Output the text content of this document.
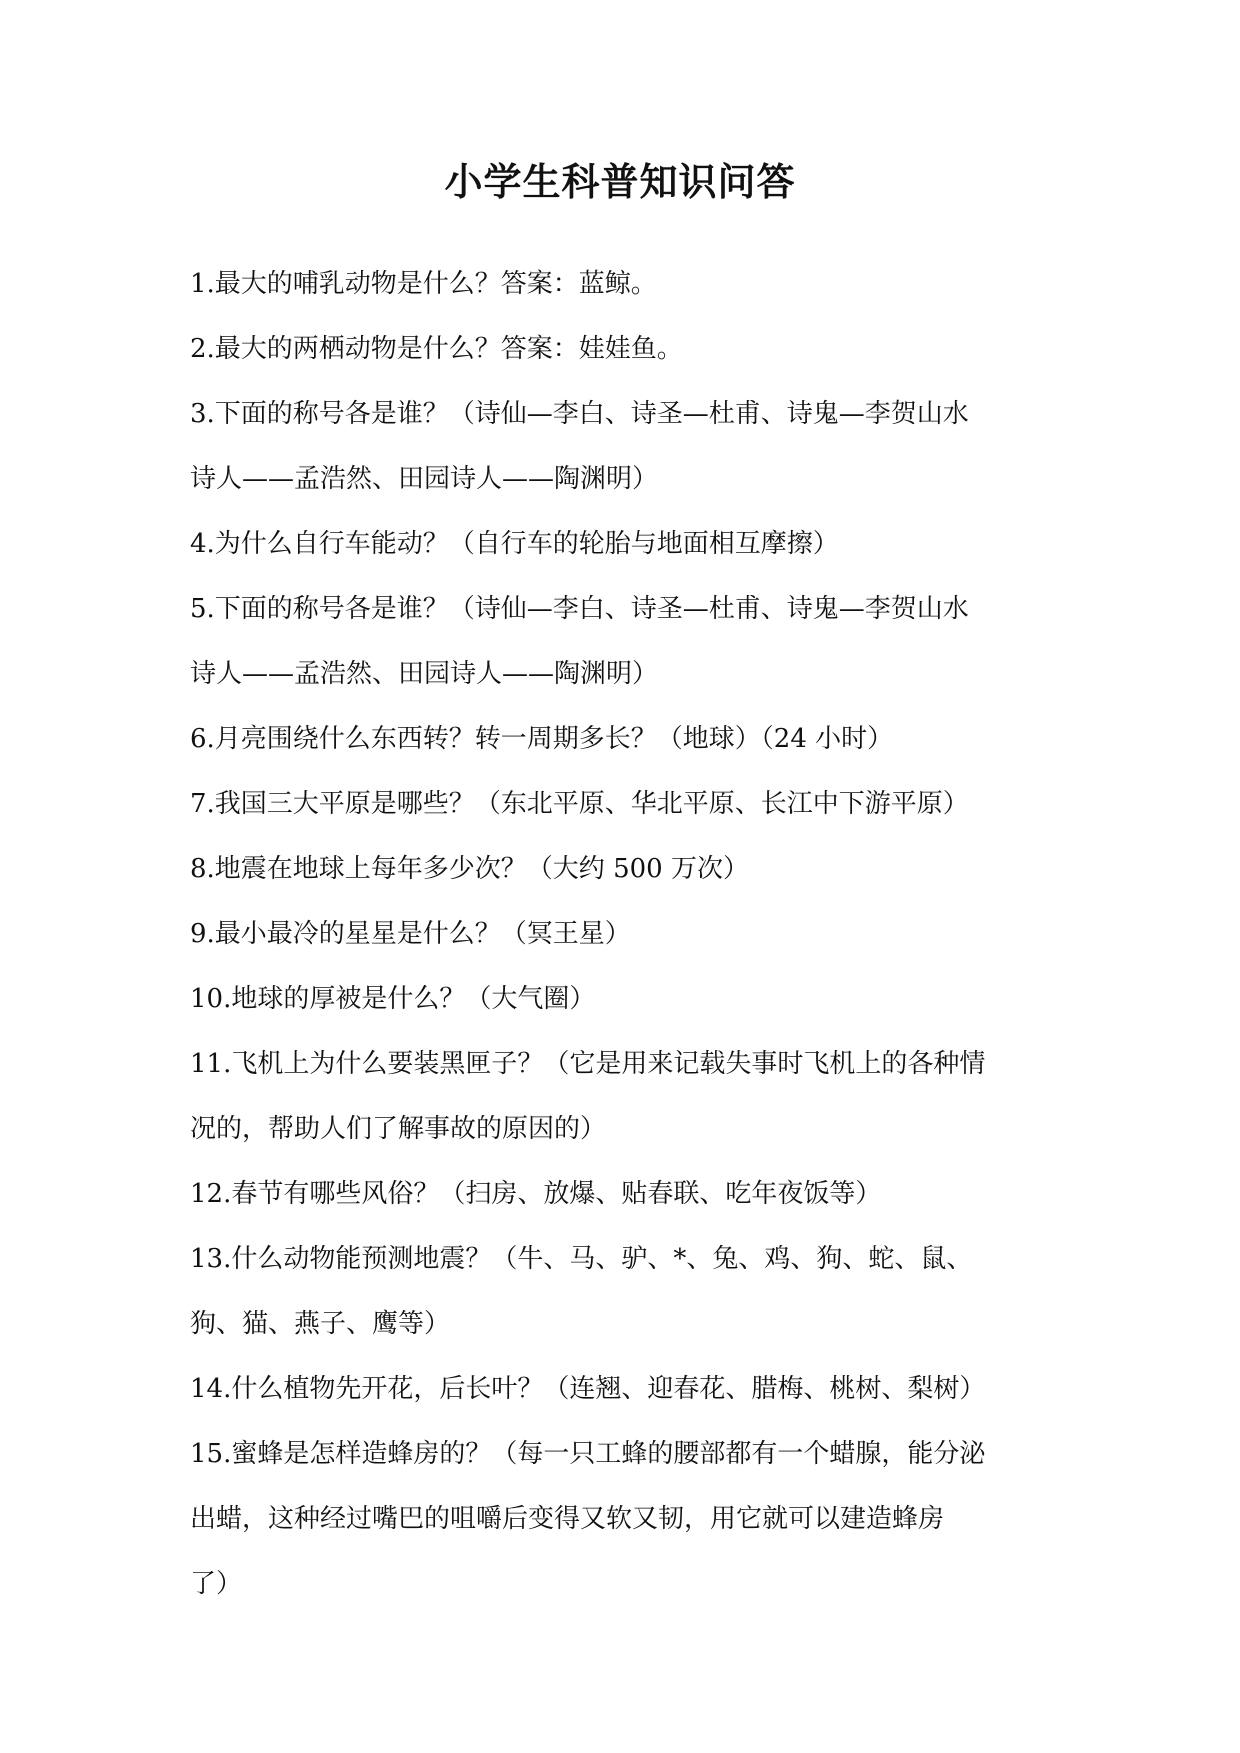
小学生科普知识问答

1.最大的哺乳动物是什么？答案：蓝鲸。

2.最大的两栖动物是什么？答案：娃娃鱼。

3.下面的称号各是谁？（诗仙—李白、诗圣—杜甫、诗鬼—李贺山水

诗人——孟浩然、田园诗人——陶渊明）

4.为什么自行车能动？（自行车的轮胎与地面相互摩擦）

5.下面的称号各是谁？（诗仙—李白、诗圣—杜甫、诗鬼—李贺山水

诗人——孟浩然、田园诗人——陶渊明）

6.月亮围绕什么东西转？转一周期多长？（地球）（24 小时）

7.我国三大平原是哪些？（东北平原、华北平原、长江中下游平原）

8.地震在地球上每年多少次？（大约 500 万次）

9.最小最冷的星星是什么？（冥王星）

10.地球的厚被是什么？（大气圈）

11.飞机上为什么要装黑匣子？（它是用来记载失事时飞机上的各种情

况的，帮助人们了解事故的原因的）

12.春节有哪些风俗？（扫房、放爆、贴春联、吃年夜饭等）

13.什么动物能预测地震？（牛、马、驴、*、兔、鸡、狗、蛇、鼠、

狗、猫、燕子、鹰等）

14.什么植物先开花，后长叶？（连翘、迎春花、腊梅、桃树、梨树）

15.蜜蜂是怎样造蜂房的？（每一只工蜂的腰部都有一个蜡腺，能分泌

出蜡，这种经过嘴巴的咀嚼后变得又软又韧，用它就可以建造蜂房

了）
